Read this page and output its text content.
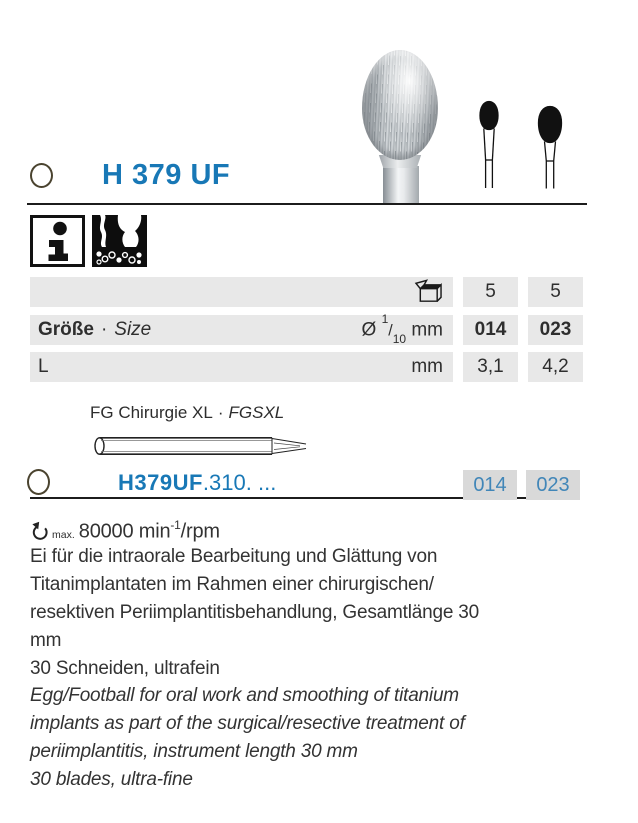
H 379 UF
5	5
Größe · Size	Ø $^1/_{10}$ mm	014	023
L	mm	3,1	4,2
FG Chirurgie XL · FGSXL
H379UF.310. ...	014	023
max. 80000 $\min^{-1}$/rpm
Ei für die intraorale Bearbeitung und Glättung von
Titanimplantaten im Rahmen einer chirurgischen/
resektiven Periimplantitisbehandlung, Gesamtlänge 30
mm
30 Schneiden, ultrafein
Egg/Football for oral work and smoothing of titanium
implants as part of the surgical/resective treatment of
periimplantitis, instrument length 30 mm
30 blades, ultra-fine
